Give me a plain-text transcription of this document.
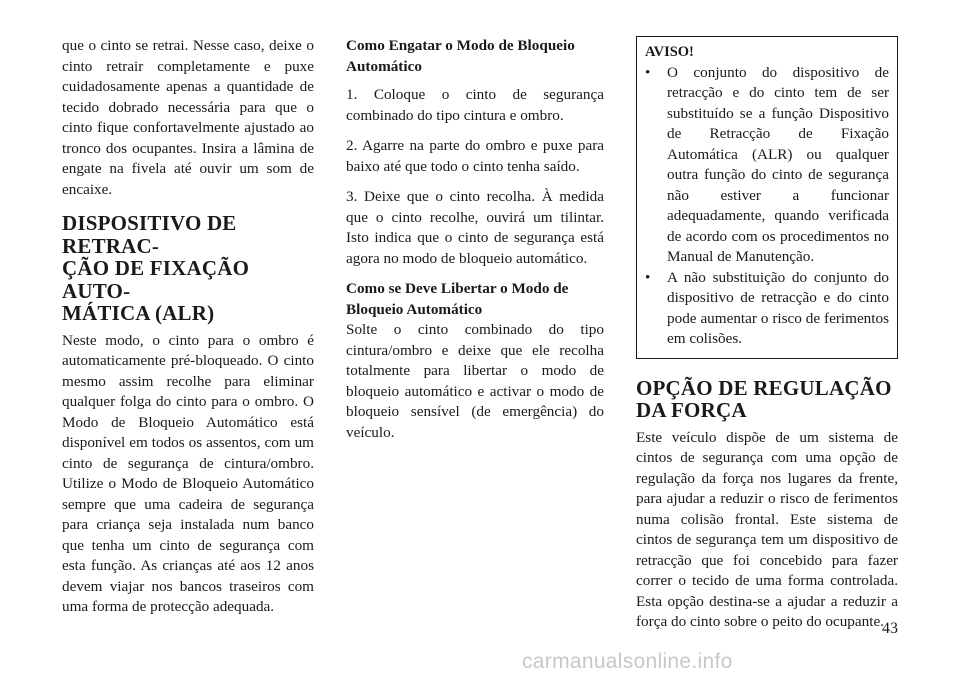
que o cinto se retrai. Nesse caso, deixe o cinto retrair completamente e puxe cuidadosamente apenas a quantidade de tecido dobrado necessária para que o cinto fique confortavelmente ajustado ao tronco dos ocupantes. Insira a lâmina de engate na fivela até ouvir um som de encaixe.

DISPOSITIVO DE RETRAC-
ÇÃO DE FIXAÇÃO AUTO-
MÁTICA (ALR)

Neste modo, o cinto para o ombro é automaticamente pré-bloqueado. O cinto mesmo assim recolhe para eliminar qualquer folga do cinto para o ombro. O Modo de Bloqueio Automático está disponível em todos os assentos, com um cinto de segurança de cintura/ombro. Utilize o Modo de Bloqueio Automático sempre que uma cadeira de segurança para criança seja instalada num banco que tenha um cinto de segurança com esta função. As crianças até aos 12 anos devem viajar nos bancos traseiros com uma forma de protecção adequada.

Como Engatar o Modo de Bloqueio Automático

1. Coloque o cinto de segurança combinado do tipo cintura e ombro.

2. Agarre na parte do ombro e puxe para baixo até que todo o cinto tenha saído.

3. Deixe que o cinto recolha. À medida que o cinto recolhe, ouvirá um tilintar. Isto indica que o cinto de segurança está agora no modo de bloqueio automático.

Como se Deve Libertar o Modo de Bloqueio Automático

Solte o cinto combinado do tipo cintura/ombro e deixe que ele recolha totalmente para libertar o modo de bloqueio automático e activar o modo de bloqueio sensível (de emergência) do veículo.

AVISO!
•	O conjunto do dispositivo de retracção e do cinto tem de ser substituído se a função Dispositivo de Retracção de Fixação Automática (ALR) ou qualquer outra função do cinto de segurança não estiver a funcionar adequadamente, quando verificada de acordo com os procedimentos no Manual de Manutenção.
•	A não substituição do conjunto do dispositivo de retracção e do cinto pode aumentar o risco de ferimentos em colisões.
OPÇÃO DE REGULAÇÃO
DA FORÇA

Este veículo dispõe de um sistema de cintos de segurança com uma opção de regulação da força nos lugares da frente, para ajudar a reduzir o risco de ferimentos numa colisão frontal. Este sistema de cintos de segurança tem um dispositivo de retracção que foi concebido para fazer correr o tecido de uma forma controlada. Esta opção destina-se a ajudar a reduzir a força do cinto sobre o peito do ocupante.

43
carmanualsonline.info
